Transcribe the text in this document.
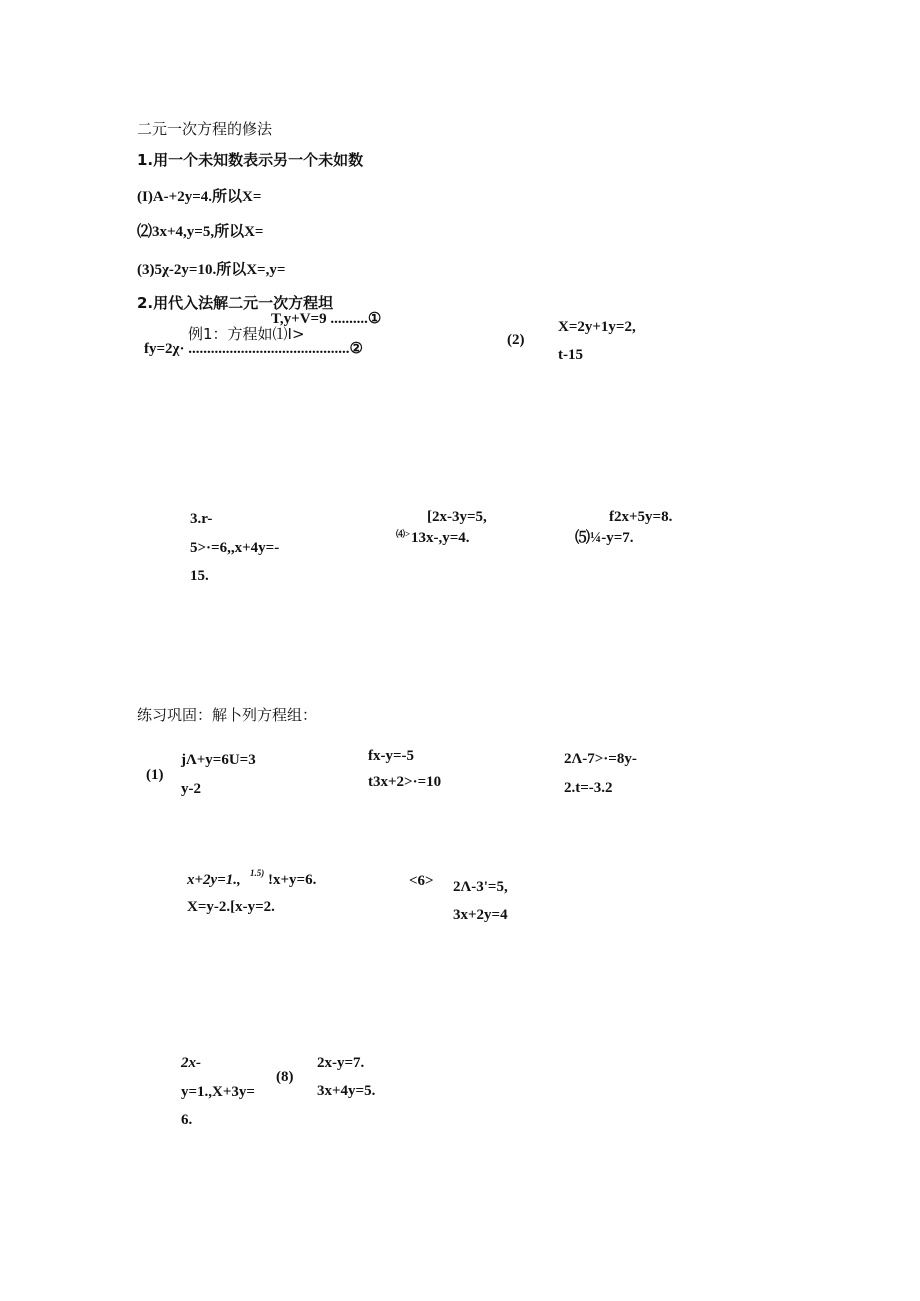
二元一次方程的修法
1.用一个未知数表示另一个未如数
(I)A-+2y=4.所以X=
⑵3x+4,y=5,所以X=
(3)5χ-2y=10.所以X=,y=
2.用代入法解二元一次方程坦
T,y+V=9 ..........①
例1：方程如⑴I>
fy=2χ· ...........................................②
(2)
X=2y+1y=2,
t-15
3.r-
5>·=6,,x+4y=-
15.
[2x-3y=5,
⑷> 13x-,y=4.
f2x+5y=8.
⑸¼-y=7.
练习巩固：解卜列方程组：
(1)
jΛ+y=6U=3
y-2
fx-y=-5
t3x+2>·=10
2Λ-7>·=8y-
2.t=-3.2
x+2y=1., 1.5) !x+y=6.
X=y-2.[x-y=2.
<6> 2Λ-3'=5,
3x+2y=4
2x-
y=1.,X+3y=
6.
(8)
2x-y=7.
3x+4y=5.
